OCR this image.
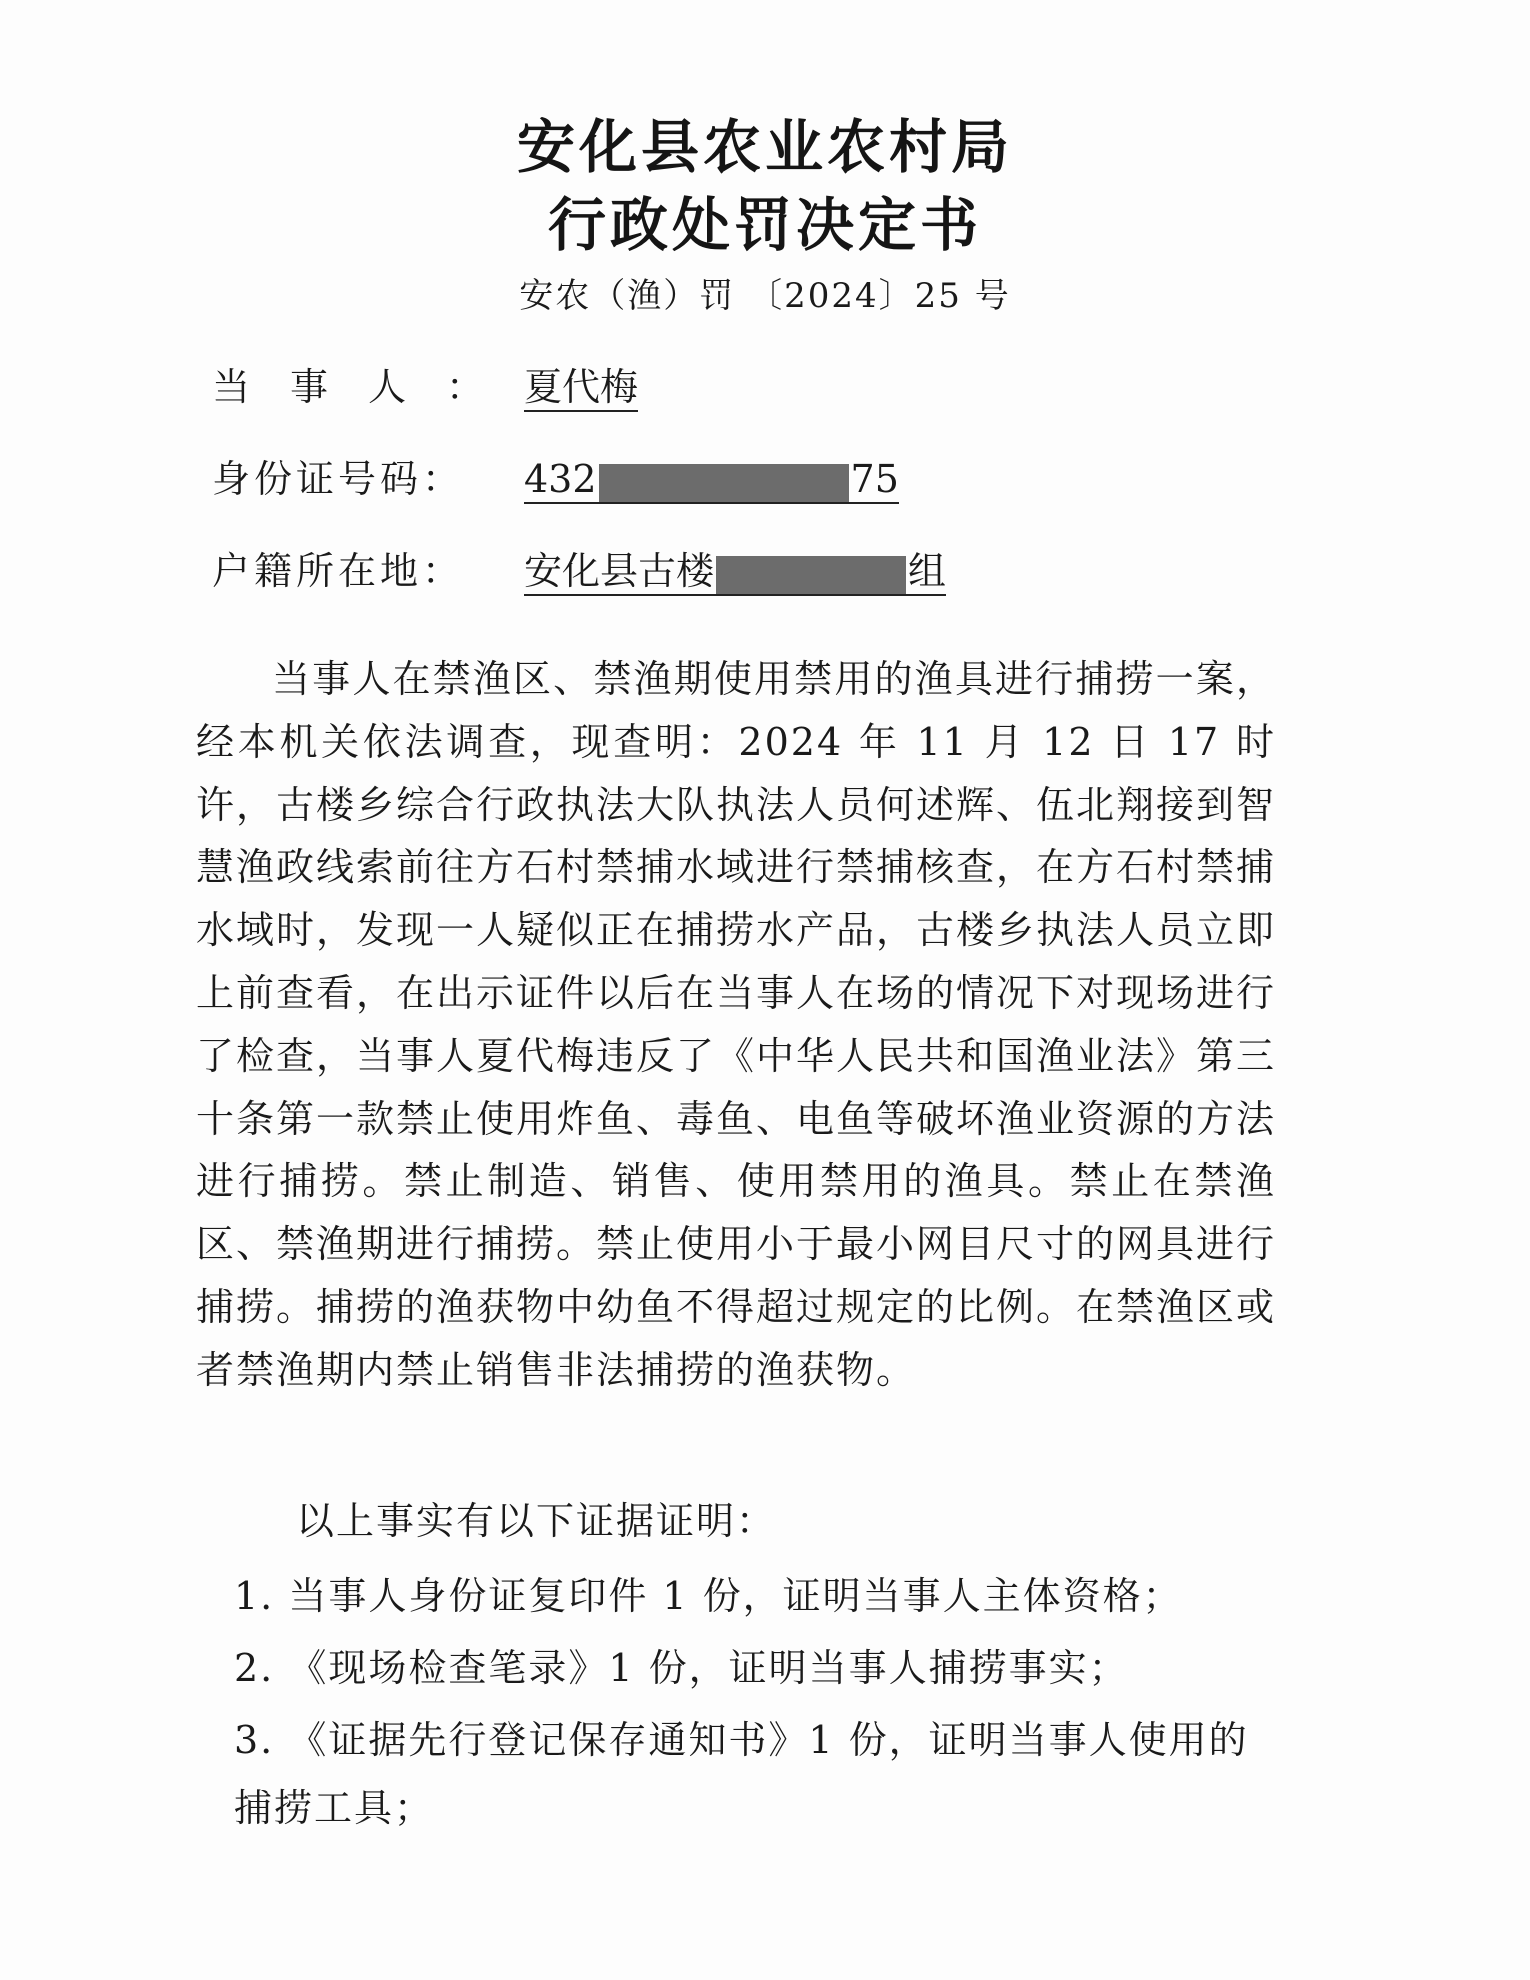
安化县农业农村局
行政处罚决定书
安农（渔）罚 〔2024〕25 号
当事人：夏代梅
身份证号码： 432	75
户籍所在地： 安化县古楼	组
当事人在禁渔区、禁渔期使用禁用的渔具进行捕捞一案，经本机关依法调查，现查明：2024 年 11 月 12 日 17 时许，古楼乡综合行政执法大队执法人员何述辉、伍北翔接到智慧渔政线索前往方石村禁捕水域进行禁捕核查，在方石村禁捕水域时，发现一人疑似正在捕捞水产品，古楼乡执法人员立即上前查看，在出示证件以后在当事人在场的情况下对现场进行了检查，当事人夏代梅违反了《中华人民共和国渔业法》第三十条第一款禁止使用炸鱼、毒鱼、电鱼等破坏渔业资源的方法进行捕捞。禁止制造、销售、使用禁用的渔具。禁止在禁渔区、禁渔期进行捕捞。禁止使用小于最小网目尺寸的网具进行捕捞。捕捞的渔获物中幼鱼不得超过规定的比例。在禁渔区或者禁渔期内禁止销售非法捕捞的渔获物。
以上事实有以下证据证明：
1. 当事人身份证复印件 1 份，证明当事人主体资格；
2. 《现场检查笔录》1 份，证明当事人捕捞事实；
3. 《证据先行登记保存通知书》1 份，证明当事人使用的捕捞工具；
